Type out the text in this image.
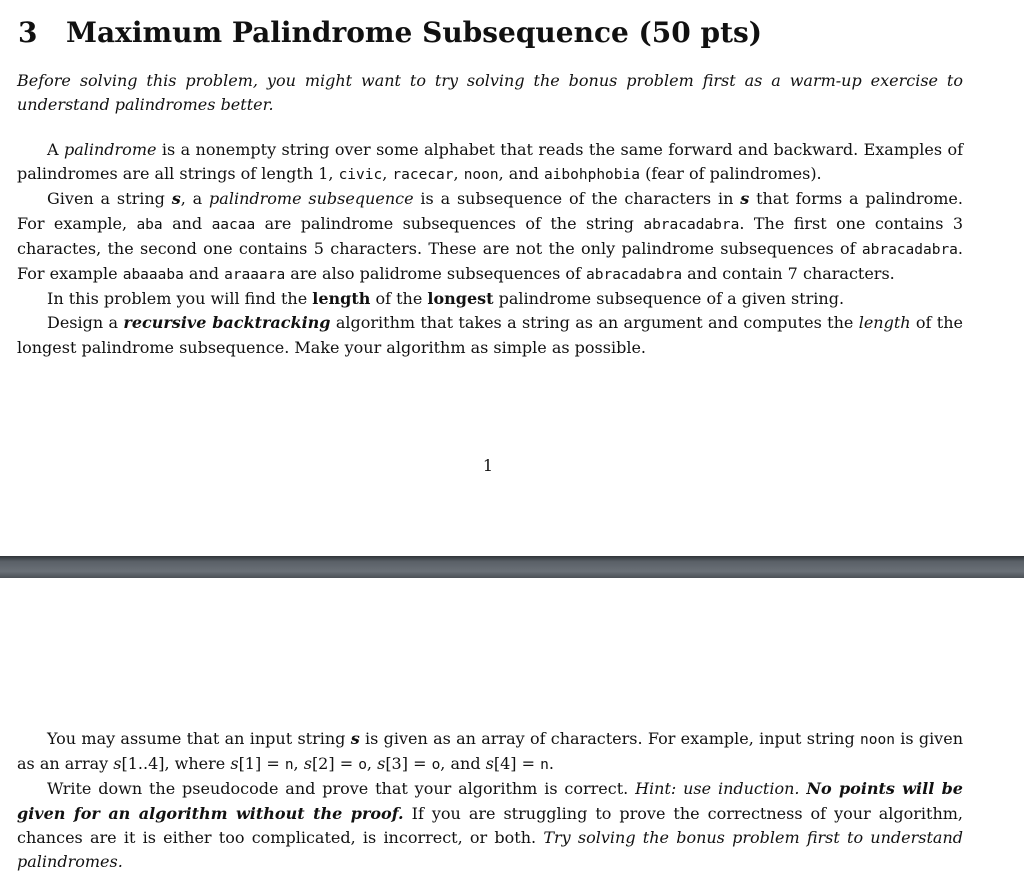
3 Maximum Palindrome Subsequence (50 pts)

Before solving this problem, you might want to try solving the bonus problem first as a warm-up exercise to understand palindromes better.

A palindrome is a nonempty string over some alphabet that reads the same forward and backward. Examples of palindromes are all strings of length 1, civic, racecar, noon, and aibohphobia (fear of palindromes).

Given a string s, a palindrome subsequence is a subsequence of the characters in s that forms a palindrome. For example, aba and aacaa are palindrome subsequences of the string abracadabra. The first one contains 3 charactes, the second one contains 5 characters. These are not the only palindrome subsequences of abracadabra. For example abaaaba and araaara are also palidrome subsequences of abracadabra and contain 7 characters.

In this problem you will find the length of the longest palindrome subsequence of a given string.

Design a recursive backtracking algorithm that takes a string as an argument and computes the length of the longest palindrome subsequence. Make your algorithm as simple as possible.

1

You may assume that an input string s is given as an array of characters. For example, input string noon is given as an array s[1..4], where s[1] = n, s[2] = o, s[3] = o, and s[4] = n.

Write down the pseudocode and prove that your algorithm is correct. Hint: use induction. No points will be given for an algorithm without the proof. If you are struggling to prove the correctness of your algorithm, chances are it is either too complicated, is incorrect, or both. Try solving the bonus problem first to understand palindromes.
